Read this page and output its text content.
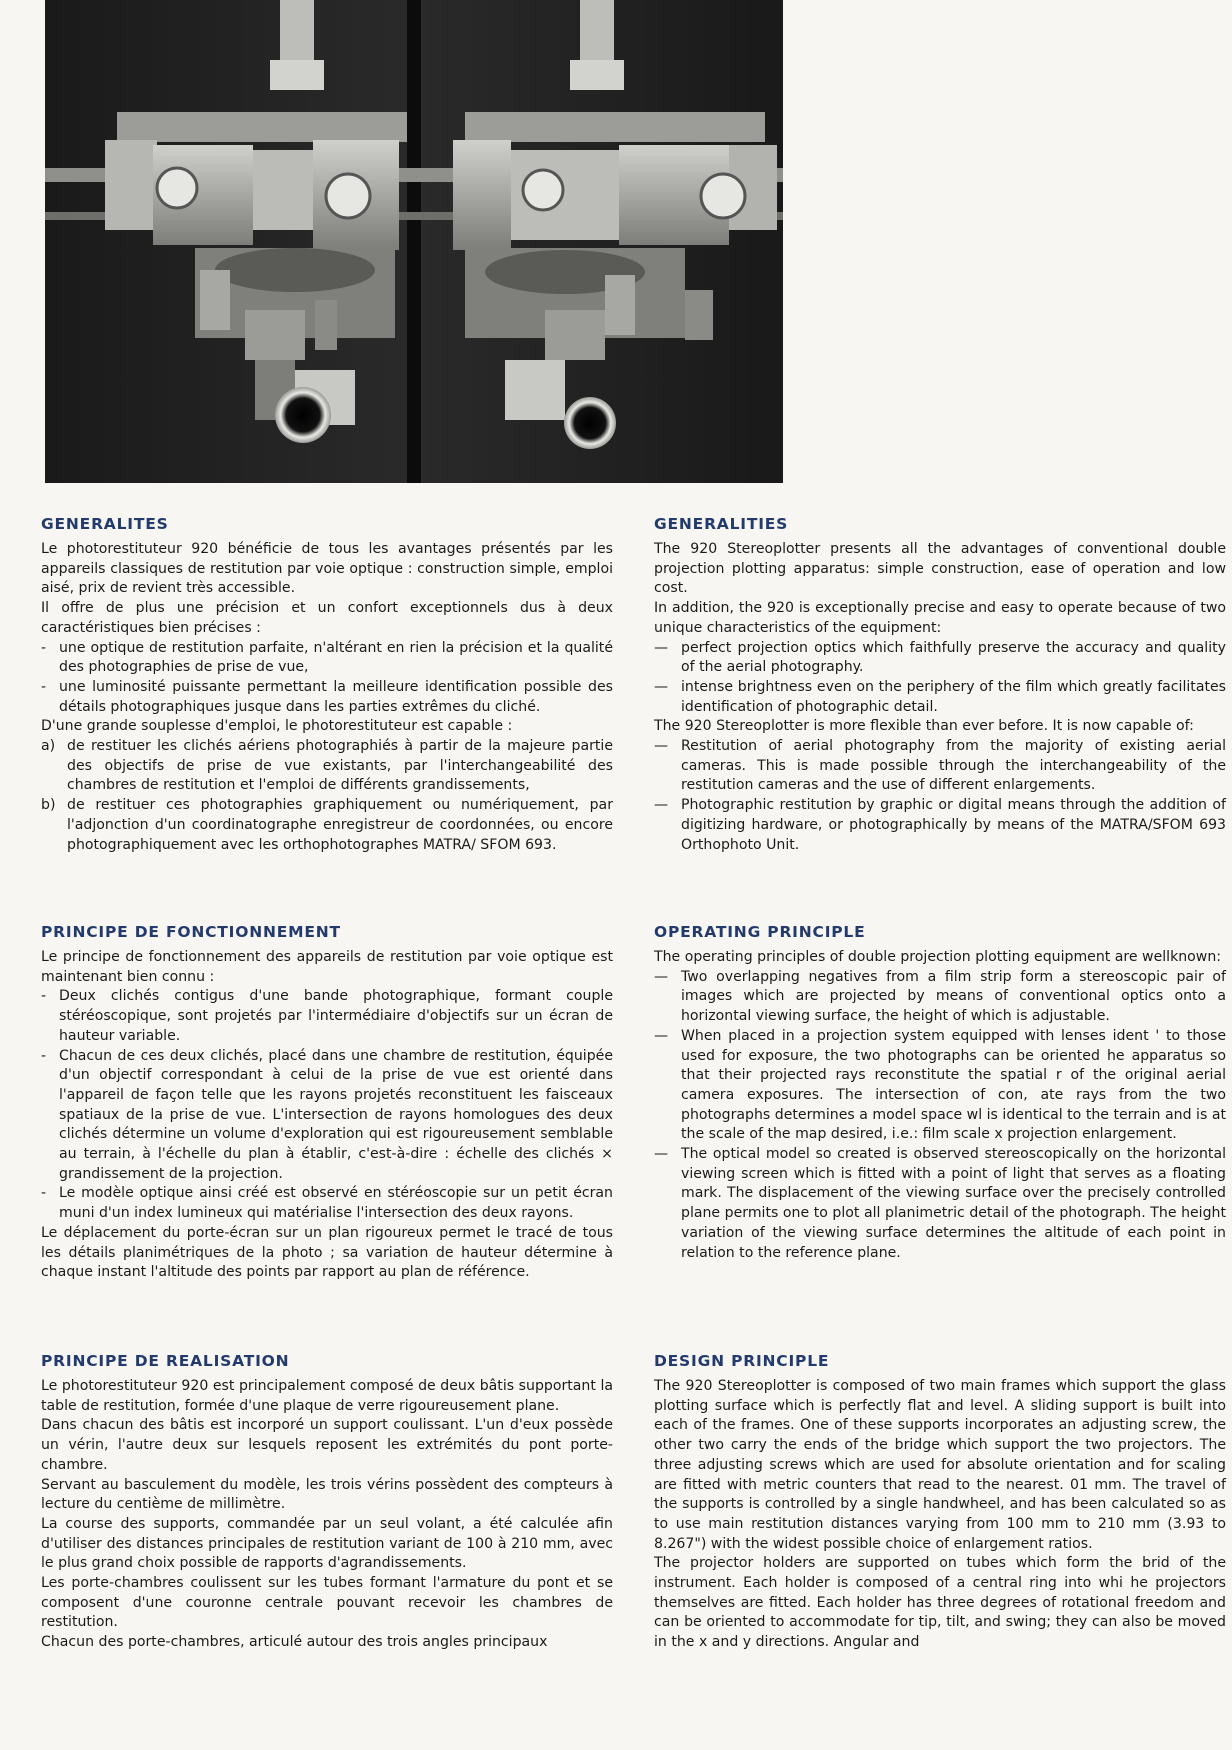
GENERALITES

Le photorestituteur 920 bénéficie de tous les avantages présentés par les appareils classiques de restitution par voie optique : construction simple, emploi aisé, prix de revient très accessible.

Il offre de plus une précision et un confort exceptionnels dus à deux caractéristiques bien précises :

-
une optique de restitution parfaite, n'altérant en rien la précision et la qualité des photographies de prise de vue,
-
une luminosité puissante permettant la meilleure identification possible des détails photographiques jusque dans les parties extrêmes du cliché.

D'une grande souplesse d'emploi, le photorestituteur est capable :

a) de restituer les clichés aériens photographiés à partir de la majeure partie des objectifs de prise de vue existants, par l'interchangeabilité des chambres de restitution et l'emploi de différents grandissements,
b) de restituer ces photographies graphiquement ou numériquement, par l'adjonction d'un coordinatographe enregistreur de coordonnées, ou encore photographiquement avec les orthophotographes MATRA/ SFOM 693.
PRINCIPE DE FONCTIONNEMENT

Le principe de fonctionnement des appareils de restitution par voie optique est maintenant bien connu :

-
Deux clichés contigus d'une bande photographique, formant couple stéréoscopique, sont projetés par l'intermédiaire d'objectifs sur un écran de hauteur variable.
-
Chacun de ces deux clichés, placé dans une chambre de restitution, équipée d'un objectif correspondant à celui de la prise de vue est orienté dans l'appareil de façon telle que les rayons projetés reconstituent les faisceaux spatiaux de la prise de vue. L'intersection de rayons homologues des deux clichés détermine un volume d'exploration qui est rigoureusement semblable au terrain, à l'échelle du plan à établir, c'est-à-dire : échelle des clichés × grandissement de la projection.
-
Le modèle optique ainsi créé est observé en stéréoscopie sur un petit écran muni d'un index lumineux qui matérialise l'intersection des deux rayons.

Le déplacement du porte-écran sur un plan rigoureux permet le tracé de tous les détails planimétriques de la photo ; sa variation de hauteur détermine à chaque instant l'altitude des points par rapport au plan de référence.

PRINCIPE DE REALISATION

Le photorestituteur 920 est principalement composé de deux bâtis supportant la table de restitution, formée d'une plaque de verre rigoureusement plane.

Dans chacun des bâtis est incorporé un support coulissant. L'un d'eux possède un vérin, l'autre deux sur lesquels reposent les extrémités du pont porte-chambre.

Servant au basculement du modèle, les trois vérins possèdent des compteurs à lecture du centième de millimètre.

La course des supports, commandée par un seul volant, a été calculée afin d'utiliser des distances principales de restitution variant de 100 à 210 mm, avec le plus grand choix possible de rapports d'agrandissements.

Les porte-chambres coulissent sur les tubes formant l'armature du pont et se composent d'une couronne centrale pouvant recevoir les chambres de restitution.

Chacun des porte-chambres, articulé autour des trois angles principaux

GENERALITIES

The 920 Stereoplotter presents all the advantages of conventional double projection plotting apparatus: simple construction, ease of operation and low cost.

In addition, the 920 is exceptionally precise and easy to operate because of two unique characteristics of the equipment:

—
perfect projection optics which faithfully preserve the accuracy and quality of the aerial photography.
—
intense brightness even on the periphery of the film which greatly facilitates identification of photographic detail.

The 920 Stereoplotter is more flexible than ever before. It is now capable of:

—
Restitution of aerial photography from the majority of existing aerial cameras. This is made possible through the interchangeability of the restitution cameras and the use of different enlargements.
—
Photographic restitution by graphic or digital means through the addition of digitizing hardware, or photographically by means of the MATRA/SFOM 693 Orthophoto Unit.
OPERATING PRINCIPLE

The operating principles of double projection plotting equipment are wellknown:

—
Two overlapping negatives from a film strip form a stereoscopic pair of images which are projected by means of conventional optics onto a horizontal viewing surface, the height of which is adjustable.
—
When placed in a projection system equipped with lenses ident ' to those used for exposure, the two photographs can be oriented he apparatus so that their projected rays reconstitute the spatial r of the original aerial camera exposures. The intersection of con, ate rays from the two photographs determines a model space wl is identical to the terrain and is at the scale of the map desired, i.e.: film scale x projection enlargement.
—
The optical model so created is observed stereoscopically on the horizontal viewing screen which is fitted with a point of light that serves as a floating mark. The displacement of the viewing surface over the precisely controlled plane permits one to plot all planimetric detail of the photograph. The height variation of the viewing surface determines the altitude of each point in relation to the reference plane.
DESIGN PRINCIPLE

The 920 Stereoplotter is composed of two main frames which support the glass plotting surface which is perfectly flat and level. A sliding support is built into each of the frames. One of these supports incorporates an adjusting screw, the other two carry the ends of the bridge which support the two projectors. The three adjusting screws which are used for absolute orientation and for scaling are fitted with metric counters that read to the nearest. 01 mm. The travel of the supports is controlled by a single handwheel, and has been calculated so as to use main restitution distances varying from 100 mm to 210 mm (3.93 to 8.267") with the widest possible choice of enlargement ratios.

The projector holders are supported on tubes which form the brid of the instrument. Each holder is composed of a central ring into whi he projectors themselves are fitted. Each holder has three degrees of rotational freedom and can be oriented to accommodate for tip, tilt, and swing; they can also be moved in the x and y directions. Angular and
